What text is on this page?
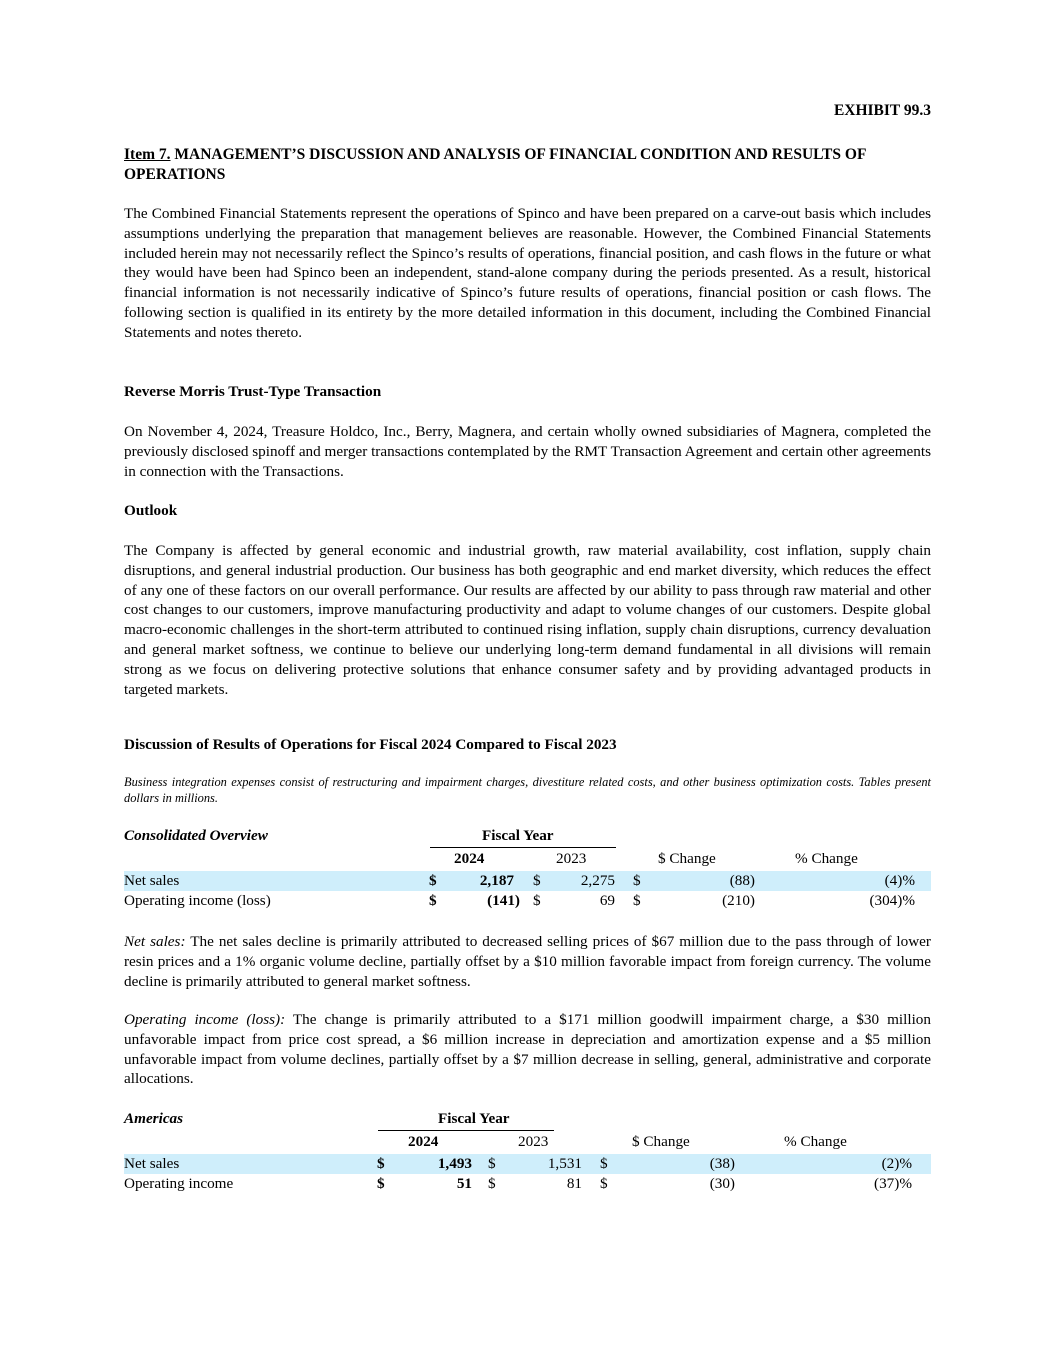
EXHIBIT 99.3
Item 7. MANAGEMENT’S DISCUSSION AND ANALYSIS OF FINANCIAL CONDITION AND RESULTS OF OPERATIONS
The Combined Financial Statements represent the operations of Spinco and have been prepared on a carve-out basis which includes assumptions underlying the preparation that management believes are reasonable. However, the Combined Financial Statements included herein may not necessarily reflect the Spinco’s results of operations, financial position, and cash flows in the future or what they would have been had Spinco been an independent, stand-alone company during the periods presented. As a result, historical financial information is not necessarily indicative of Spinco’s future results of operations, financial position or cash flows. The following section is qualified in its entirety by the more detailed information in this document, including the Combined Financial Statements and notes thereto.
Reverse Morris Trust-Type Transaction
On November 4, 2024, Treasure Holdco, Inc., Berry, Magnera, and certain wholly owned subsidiaries of Magnera, completed the previously disclosed spinoff and merger transactions contemplated by the RMT Transaction Agreement and certain other agreements in connection with the Transactions.
Outlook
The Company is affected by general economic and industrial growth, raw material availability, cost inflation, supply chain disruptions, and general industrial production. Our business has both geographic and end market diversity, which reduces the effect of any one of these factors on our overall performance. Our results are affected by our ability to pass through raw material and other cost changes to our customers, improve manufacturing productivity and adapt to volume changes of our customers. Despite global macro-economic challenges in the short-term attributed to continued rising inflation, supply chain disruptions, currency devaluation and general market softness, we continue to believe our underlying long-term demand fundamental in all divisions will remain strong as we focus on delivering protective solutions that enhance consumer safety and by providing advantaged products in targeted markets.
Discussion of Results of Operations for Fiscal 2024 Compared to Fiscal 2023
Business integration expenses consist of restructuring and impairment charges, divestiture related costs, and other business optimization costs. Tables present dollars in millions.
Consolidated Overview	Fiscal Year
2024	2023	$ Change	% Change
Net sales	$	2,187 $	2,275 $	(88)	(4)%
Operating income (loss)	$	(141) $	69 $	(210)	(304)%
Net sales: The net sales decline is primarily attributed to decreased selling prices of $67 million due to the pass through of lower resin prices and a 1% organic volume decline, partially offset by a $10 million favorable impact from foreign currency. The volume decline is primarily attributed to general market softness.
Operating income (loss): The change is primarily attributed to a $171 million goodwill impairment charge, a $30 million unfavorable impact from price cost spread, a $6 million increase in depreciation and amortization expense and a $5 million unfavorable impact from volume declines, partially offset by a $7 million decrease in selling, general, administrative and corporate allocations.
Americas	Fiscal Year
2024	2023	$ Change	% Change
Net sales	$	1,493 $	1,531 $	(38)	(2)%
Operating income	$	51 $	81 $	(30)	(37)%
